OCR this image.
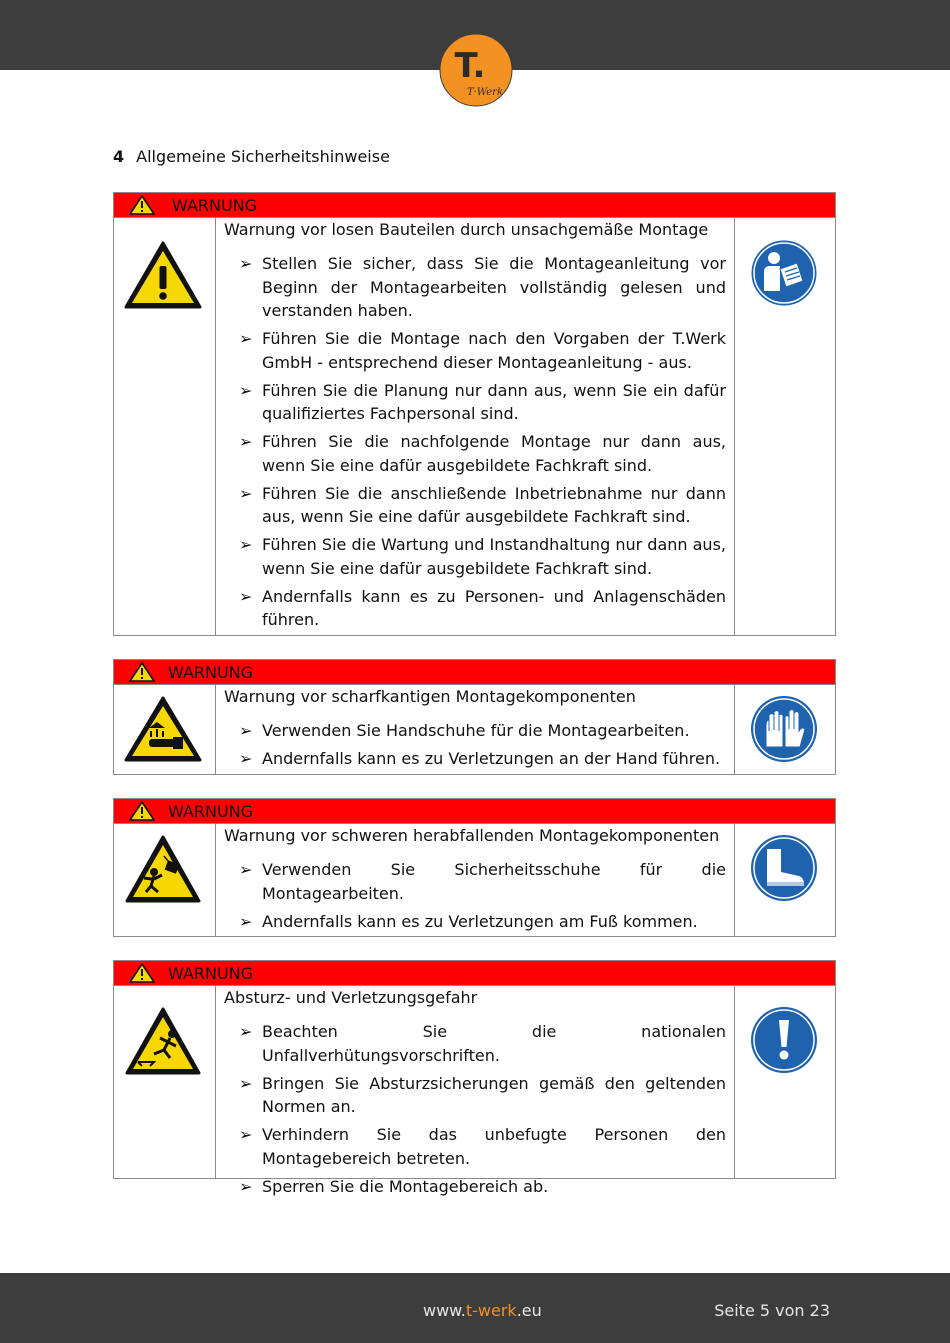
T.
T·Werk
4 Allgemeine Sicherheitshinweise
WARNUNG
Warnung vor losen Bauteilen durch unsachgemäße Montage
➢ Stellen Sie sicher, dass Sie die Montageanleitung vor Beginn der Montagearbeiten vollständig gelesen und verstanden haben.
➢ Führen Sie die Montage nach den Vorgaben der T.Werk GmbH - entsprechend dieser Montageanleitung - aus.
➢ Führen Sie die Planung nur dann aus, wenn Sie ein dafür qualifiziertes Fachpersonal sind.
➢ Führen Sie die nachfolgende Montage nur dann aus, wenn Sie eine dafür ausgebildete Fachkraft sind.
➢ Führen Sie die anschließende Inbetriebnahme nur dann aus, wenn Sie eine dafür ausgebildete Fachkraft sind.
➢ Führen Sie die Wartung und Instandhaltung nur dann aus, wenn Sie eine dafür ausgebildete Fachkraft sind.
➢ Andernfalls kann es zu Personen- und Anlagenschäden führen.
WARNUNG
Warnung vor scharfkantigen Montagekomponenten
➢ Verwenden Sie Handschuhe für die Montagearbeiten.
➢ Andernfalls kann es zu Verletzungen an der Hand führen.
WARNUNG
Warnung vor schweren herabfallenden Montagekomponenten
➢ Verwenden Sie Sicherheitsschuhe für die Montagearbeiten.
➢ Andernfalls kann es zu Verletzungen am Fuß kommen.
WARNUNG
Absturz- und Verletzungsgefahr
➢ Beachten Sie die nationalen Unfallverhütungsvorschriften.
➢ Bringen Sie Absturzsicherungen gemäß den geltenden Normen an.
➢ Verhindern Sie das unbefugte Personen den Montagebereich betreten.
➢ Sperren Sie die Montagebereich ab.
www.t-werk.eu	Seite 5 von 23
